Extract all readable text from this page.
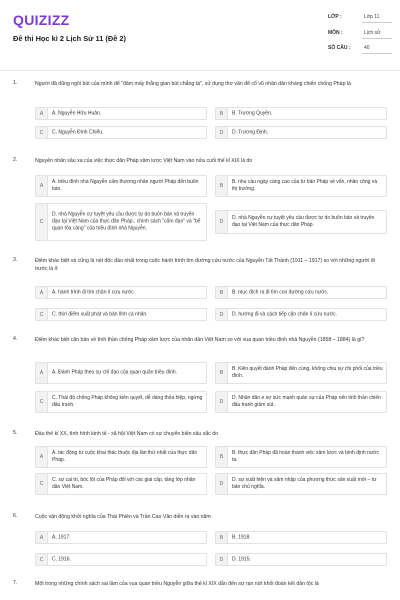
QUIZIZZ
Đề thi Học kì 2 Lịch Sử 11 (Đề 2)
LỚP :	Lớp 11
MÔN :	Lịch sử
SỐ CÂU :	40
1.	Người đã dũng ngòi bút của mình để "đâm mấy thằng gian bút chẳng tà", sử dụng thơ văn để cổ vũ nhân dân kháng chiến chống Pháp là
A	A. Nguyễn Hữu Huân.	B	B. Trương Quyền.
C	C. Nguyễn Đình Chiểu.	D	D. Trương Định.
2.	Nguyên nhân sâu xa của việc thực dân Pháp xâm lược Việt Nam vào nửa cuối thế kỉ XIX là do
A
A. triều đình nhà Nguyễn cấm thương nhân người Pháp đến buôn bán.	B
B. nhu cầu ngày càng cao của tư bản Pháp về vốn, nhân công và thị trường.
C
D. nhà Nguyễn cự tuyệt yêu cầu được tự do buôn bán và truyền đạo tại Việt Nam của thực dân Pháp.. chính sách "cấm đạo" và "bế quan tỏa cảng" của triều đình nhà Nguyễn.
D
D. nhà Nguyễn cự tuyệt yêu cầu được tự do buôn bán và truyền đạo tại Việt Nam của thực dân Pháp.
3.	Điểm khác biệt và cũng là nét độc đáo nhất trong cuộc hành trình tìm đường cứu nước của Nguyễn Tất Thành (1911 – 1917) so với những người đi trước là ở
A	A. hành trình đi tìm chân lí cứu nước.	B	B. mục đích ra đi tìm con đường cứu nước.
C	C. thời điểm xuất phát và bản lĩnh cá nhân.	D	D. hướng đi và cách tiếp cận chân lí cứu nước.
4.	Điểm khác biệt căn bản về tình thần chống Pháp xâm lược của nhân dân Việt Nam so với vua quan triều đình nhà Nguyễn (1858 – 1884) là gì?
A	A. Đánh Pháp theo sự chỉ đạo của quan quân triều đình.	B
B. Kiên quyết đánh Pháp đến cùng, không chịu sự chi phối của triều đình.
C
C. Thái độ chống Pháp không kiên quyết, dễ dàng thỏa hiệp, ngừng đấu tranh.	D
D. Nhân dân e sợ sức mạnh quân sự của Pháp nên tinh thần chiến đấu tranh giảm sút.
5.	Đầu thế kỉ XX, tình hình kinh tế - xã hội Việt Nam có sự chuyển biến sâu sắc do
A
A. tác động từ cuộc khai thác thuộc địa lần thứ nhất của thực dân Pháp.	B
B. thực dân Pháp đã hoàn thành việc xâm lược và bình định nước ta.
C
C. sự cai trị, bóc lột của Pháp đối với các giai cấp, tầng lớp nhân dân Việt Nam.	D
D. sự xuất hiện và xâm nhập của phương thức sản xuất mới – tư bản chủ nghĩa.
6.	Cuộc vận động khởi nghĩa của Thái Phiên và Trần Cao Vân diễn ra vào năm
A	A. 1917.	B	B. 1918.
C	C. 1916.	D	D. 1915.
7.	Một trong những chính sách sai lầm của vua quan triều Nguyễn giữa thế kỉ XIX dẫn đến sự rạn nứt khối đoàn kết dân tộc là
